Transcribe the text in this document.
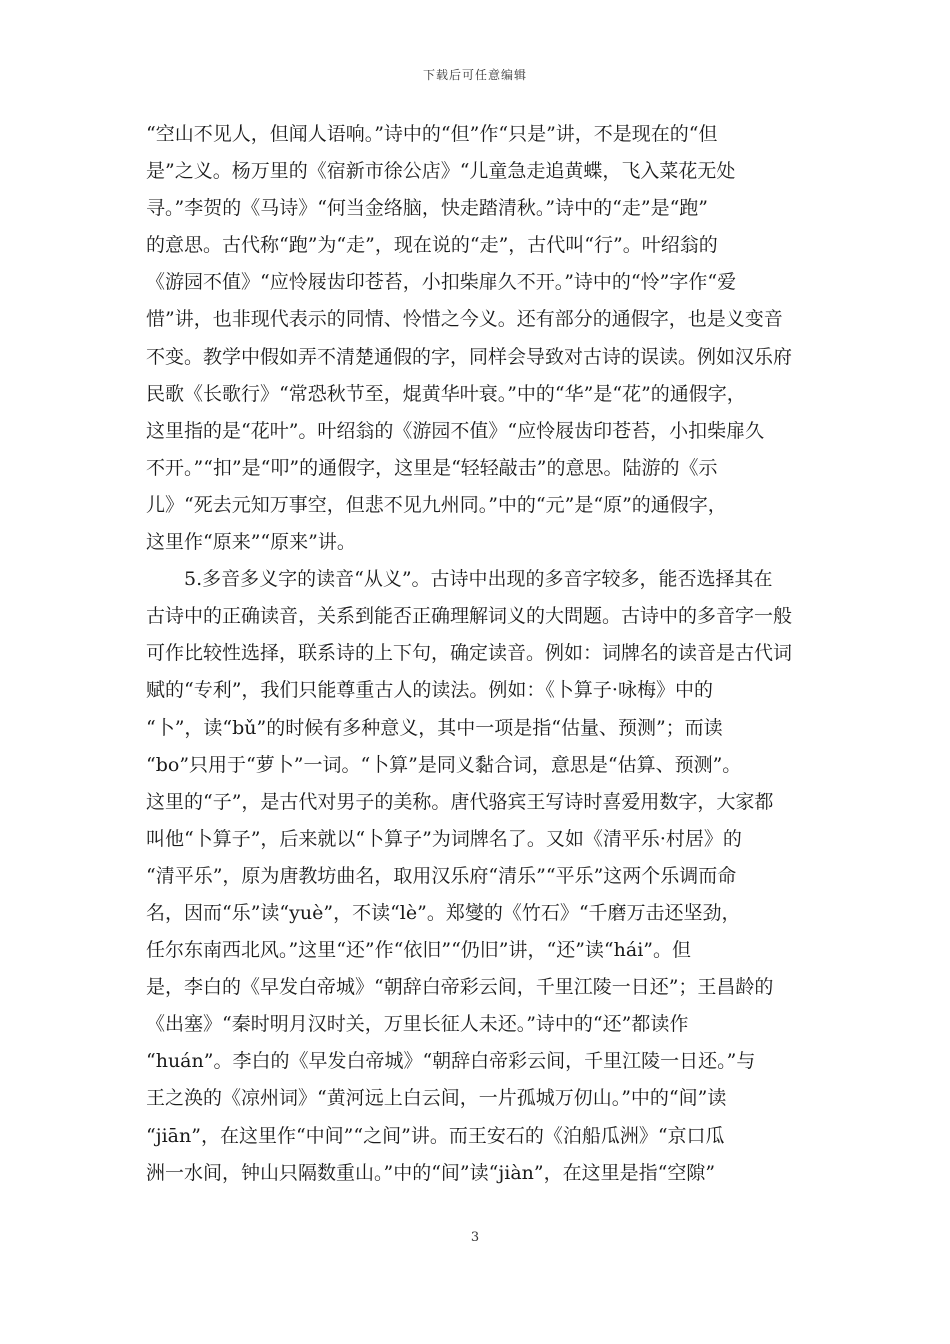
下载后可任意编辑

“空山不见人，但闻人语响。”诗中的“但”作“只是”讲，不是现在的“但
是”之义。杨万里的《宿新市徐公店》“儿童急走追黄蝶，飞入菜花无处
寻。”李贺的《马诗》“何当金络脑，快走踏清秋。”诗中的“走”是“跑”
的意思。古代称“跑”为“走”，现在说的“走”，古代叫“行”。叶绍翁的
《游园不值》“应怜屐齿印苍苔，小扣柴扉久不开。”诗中的“怜”字作“爱
惜”讲，也非现代表示的同情、怜惜之今义。还有部分的通假字，也是义变音
不变。教学中假如弄不清楚通假的字，同样会导致对古诗的误读。例如汉乐府
民歌《长歌行》“常恐秋节至，焜黄华叶衰。”中的“华”是“花”的通假字，
这里指的是“花叶”。叶绍翁的《游园不值》“应怜屐齿印苍苔，小扣柴扉久
不开。”“扣”是“叩”的通假字，这里是“轻轻敲击”的意思。陆游的《示
儿》“死去元知万事空，但悲不见九州同。”中的“元”是“原”的通假字，
这里作“原来”“原来”讲。

5.多音多义字的读音“从义”。古诗中出现的多音字较多，能否选择其在
古诗中的正确读音，关系到能否正确理解词义的大問题。古诗中的多音字一般
可作比较性选择，联系诗的上下句，确定读音。例如：词牌名的读音是古代词
赋的“专利”，我们只能尊重古人的读法。例如：《卜算子·咏梅》中的
“卜”，读“bǔ”的时候有多种意义，其中一项是指“估量、预测”；而读
“bo”只用于“萝卜”一词。“卜算”是同义黏合词，意思是“估算、预测”。
这里的“子”，是古代对男子的美称。唐代骆宾王写诗时喜爱用数字，大家都
叫他“卜算子”，后来就以“卜算子”为词牌名了。又如《清平乐·村居》的
“清平乐”，原为唐教坊曲名，取用汉乐府“清乐”“平乐”这两个乐调而命
名，因而“乐”读“yuè”，不读“lè”。郑燮的《竹石》“千磨万击还坚劲，
任尔东南西北风。”这里“还”作“依旧”“仍旧”讲，“还”读“hái”。但
是，李白的《早发白帝城》“朝辞白帝彩云间，千里江陵一日还”；王昌龄的
《出塞》“秦时明月汉时关，万里长征人未还。”诗中的“还”都读作
“huán”。李白的《早发白帝城》“朝辞白帝彩云间，千里江陵一日还。”与
王之涣的《凉州词》“黄河远上白云间，一片孤城万仞山。”中的“间”读
“jiān”，在这里作“中间”“之间”讲。而王安石的《泊船瓜洲》“京口瓜
洲一水间，钟山只隔数重山。”中的“间”读“jiàn”，在这里是指“空隙”

3
